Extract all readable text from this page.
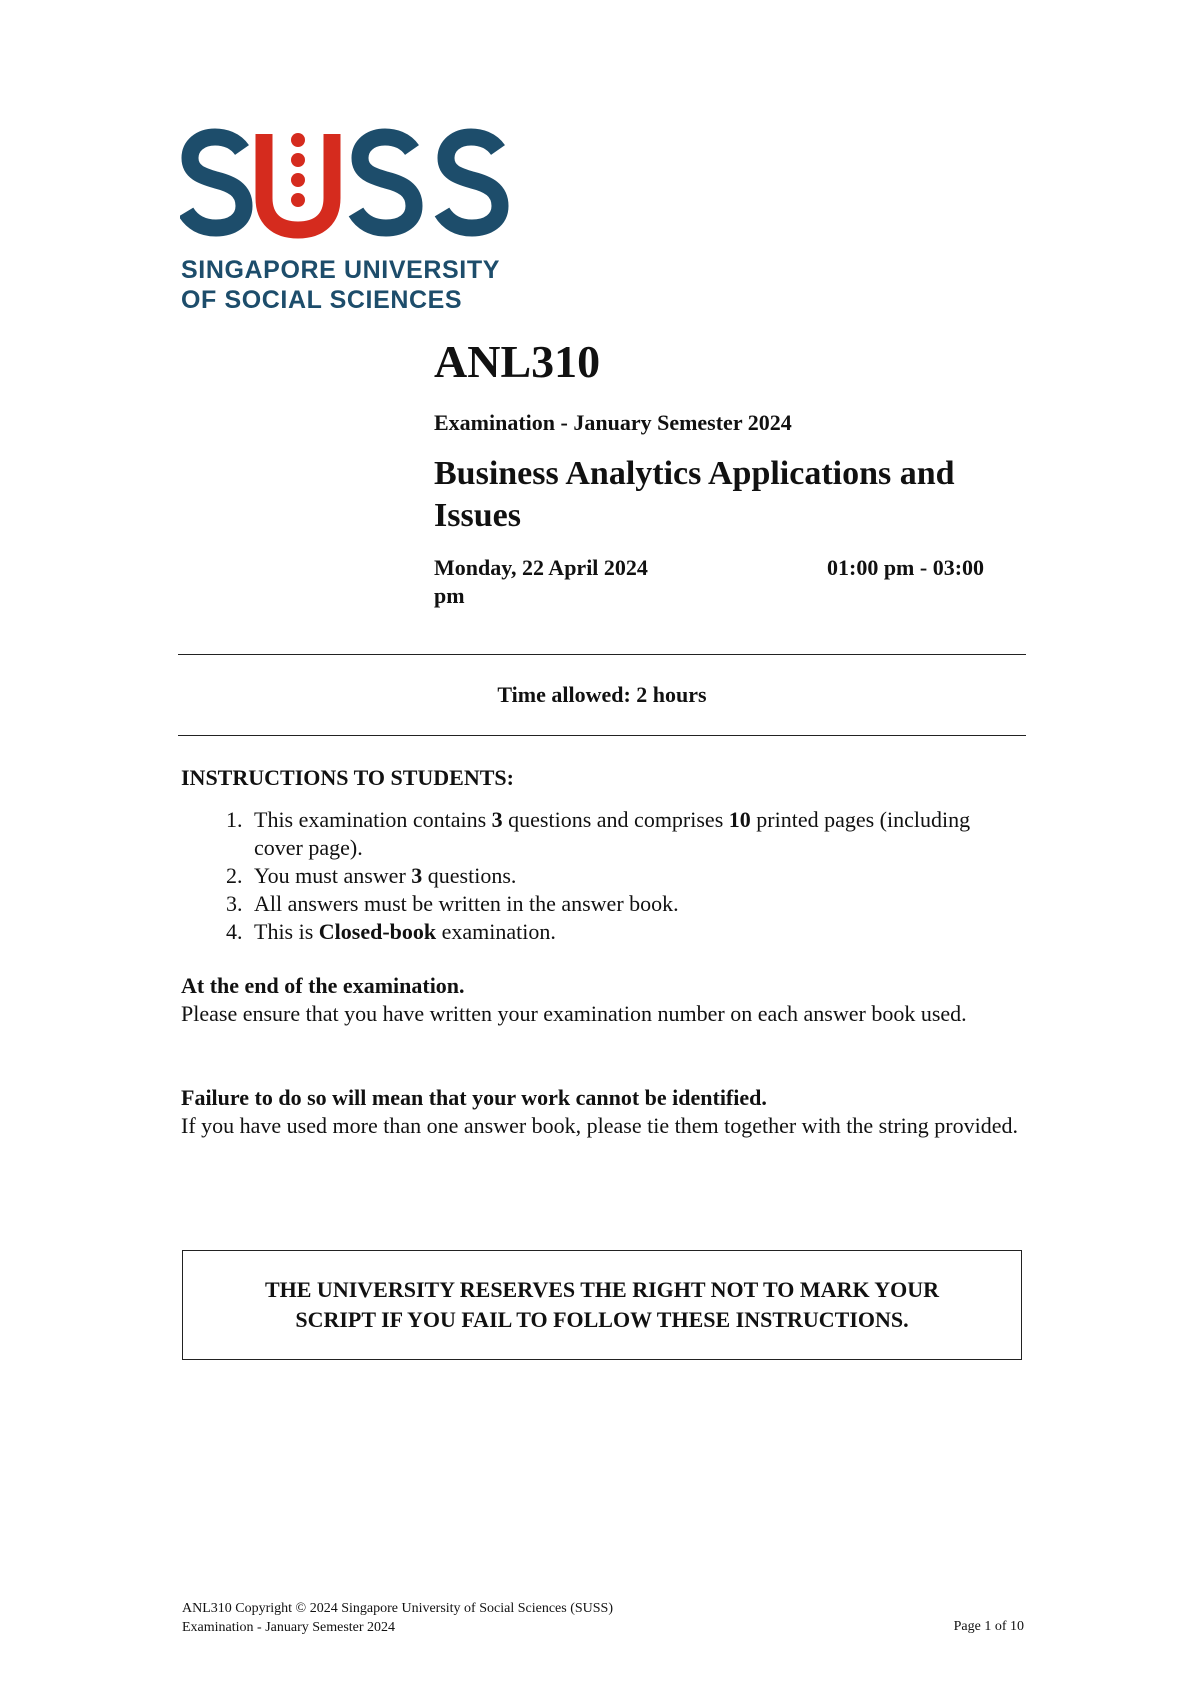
SINGAPORE UNIVERSITY
OF SOCIAL SCIENCES
ANL310
Examination - January Semester 2024
Business Analytics Applications and Issues
Monday, 22 April 2024	01:00 pm - 03:00
pm
Time allowed: 2 hours
INSTRUCTIONS TO STUDENTS:
1. This examination contains 3 questions and comprises 10 printed pages (including cover page).
2. You must answer 3 questions.
3. All answers must be written in the answer book.
4. This is Closed-book examination.
At the end of the examination.
Please ensure that you have written your examination number on each answer book used.
Failure to do so will mean that your work cannot be identified.
If you have used more than one answer book, please tie them together with the string provided.
THE UNIVERSITY RESERVES THE RIGHT NOT TO MARK YOUR
SCRIPT IF YOU FAIL TO FOLLOW THESE INSTRUCTIONS.
ANL310 Copyright © 2024 Singapore University of Social Sciences (SUSS)
Examination - January Semester 2024	Page 1 of 10
